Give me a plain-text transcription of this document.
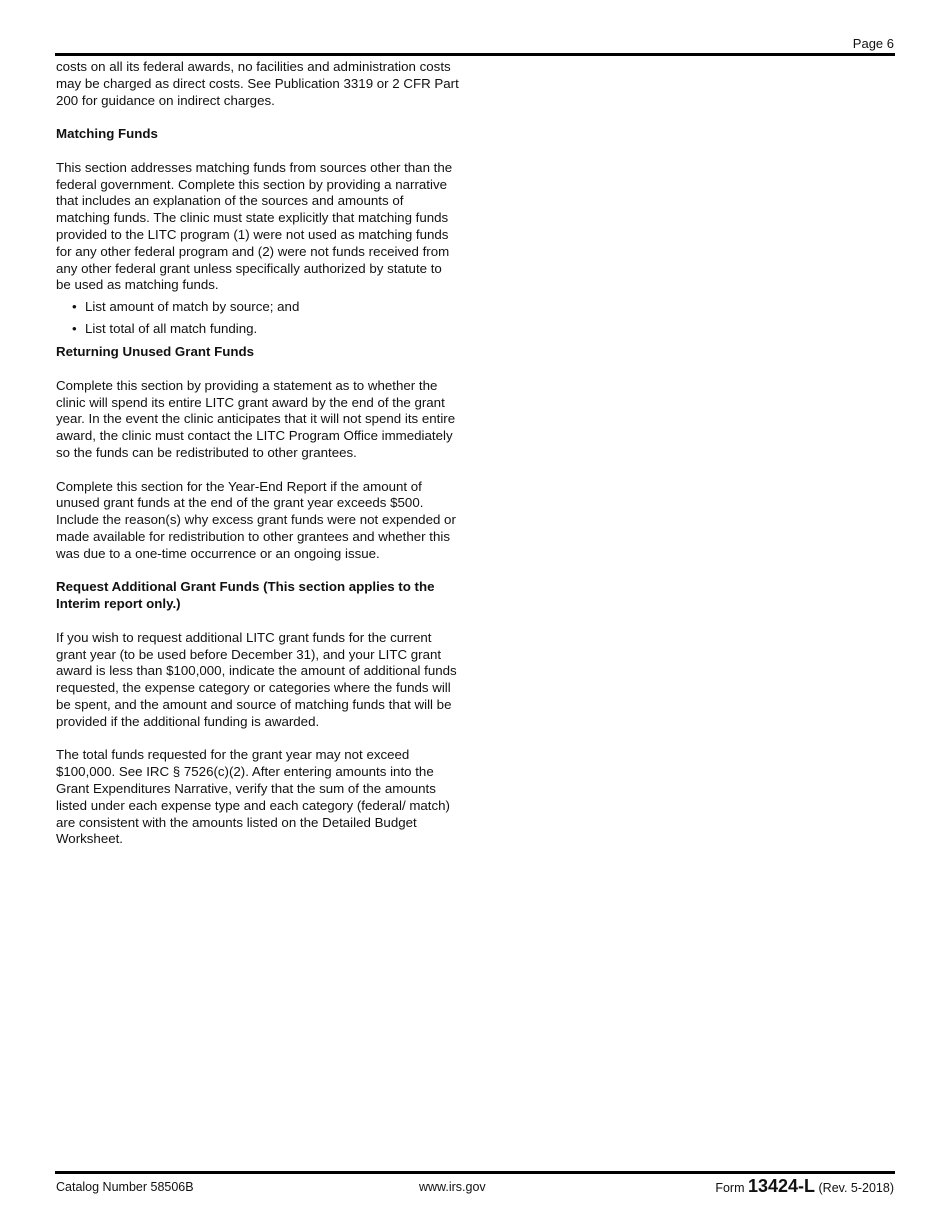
Page 6

costs on all its federal awards, no facilities and administration costs may be charged as direct costs. See Publication 3319 or 2 CFR Part 200 for guidance on indirect charges.

Matching Funds

This section addresses matching funds from sources other than the federal government. Complete this section by providing a narrative that includes an explanation of the sources and amounts of matching funds. The clinic must state explicitly that matching funds provided to the LITC program (1) were not used as matching funds for any other federal program and (2) were not funds received from any other federal grant unless specifically authorized by statute to be used as matching funds.

• List amount of match by source; and
• List total of all match funding.
Returning Unused Grant Funds

Complete this section by providing a statement as to whether the clinic will spend its entire LITC grant award by the end of the grant year. In the event the clinic anticipates that it will not spend its entire award, the clinic must contact the LITC Program Office immediately so the funds can be redistributed to other grantees.

Complete this section for the Year-End Report if the amount of unused grant funds at the end of the grant year exceeds $500. Include the reason(s) why excess grant funds were not expended or made available for redistribution to other grantees and whether this was due to a one-time occurrence or an ongoing issue.

Request Additional Grant Funds (This section applies to the Interim report only.)

If you wish to request additional LITC grant funds for the current grant year (to be used before December 31), and your LITC grant award is less than $100,000, indicate the amount of additional funds requested, the expense category or categories where the funds will be spent, and the amount and source of matching funds that will be provided if the additional funding is awarded.

The total funds requested for the grant year may not exceed $100,000. See IRC § 7526(c)(2). After entering amounts into the Grant Expenditures Narrative, verify that the sum of the amounts listed under each expense type and each category (federal/ match) are consistent with the amounts listed on the Detailed Budget Worksheet.

Catalog Number 58506B	www.irs.gov	Form 13424-L (Rev. 5-2018)
